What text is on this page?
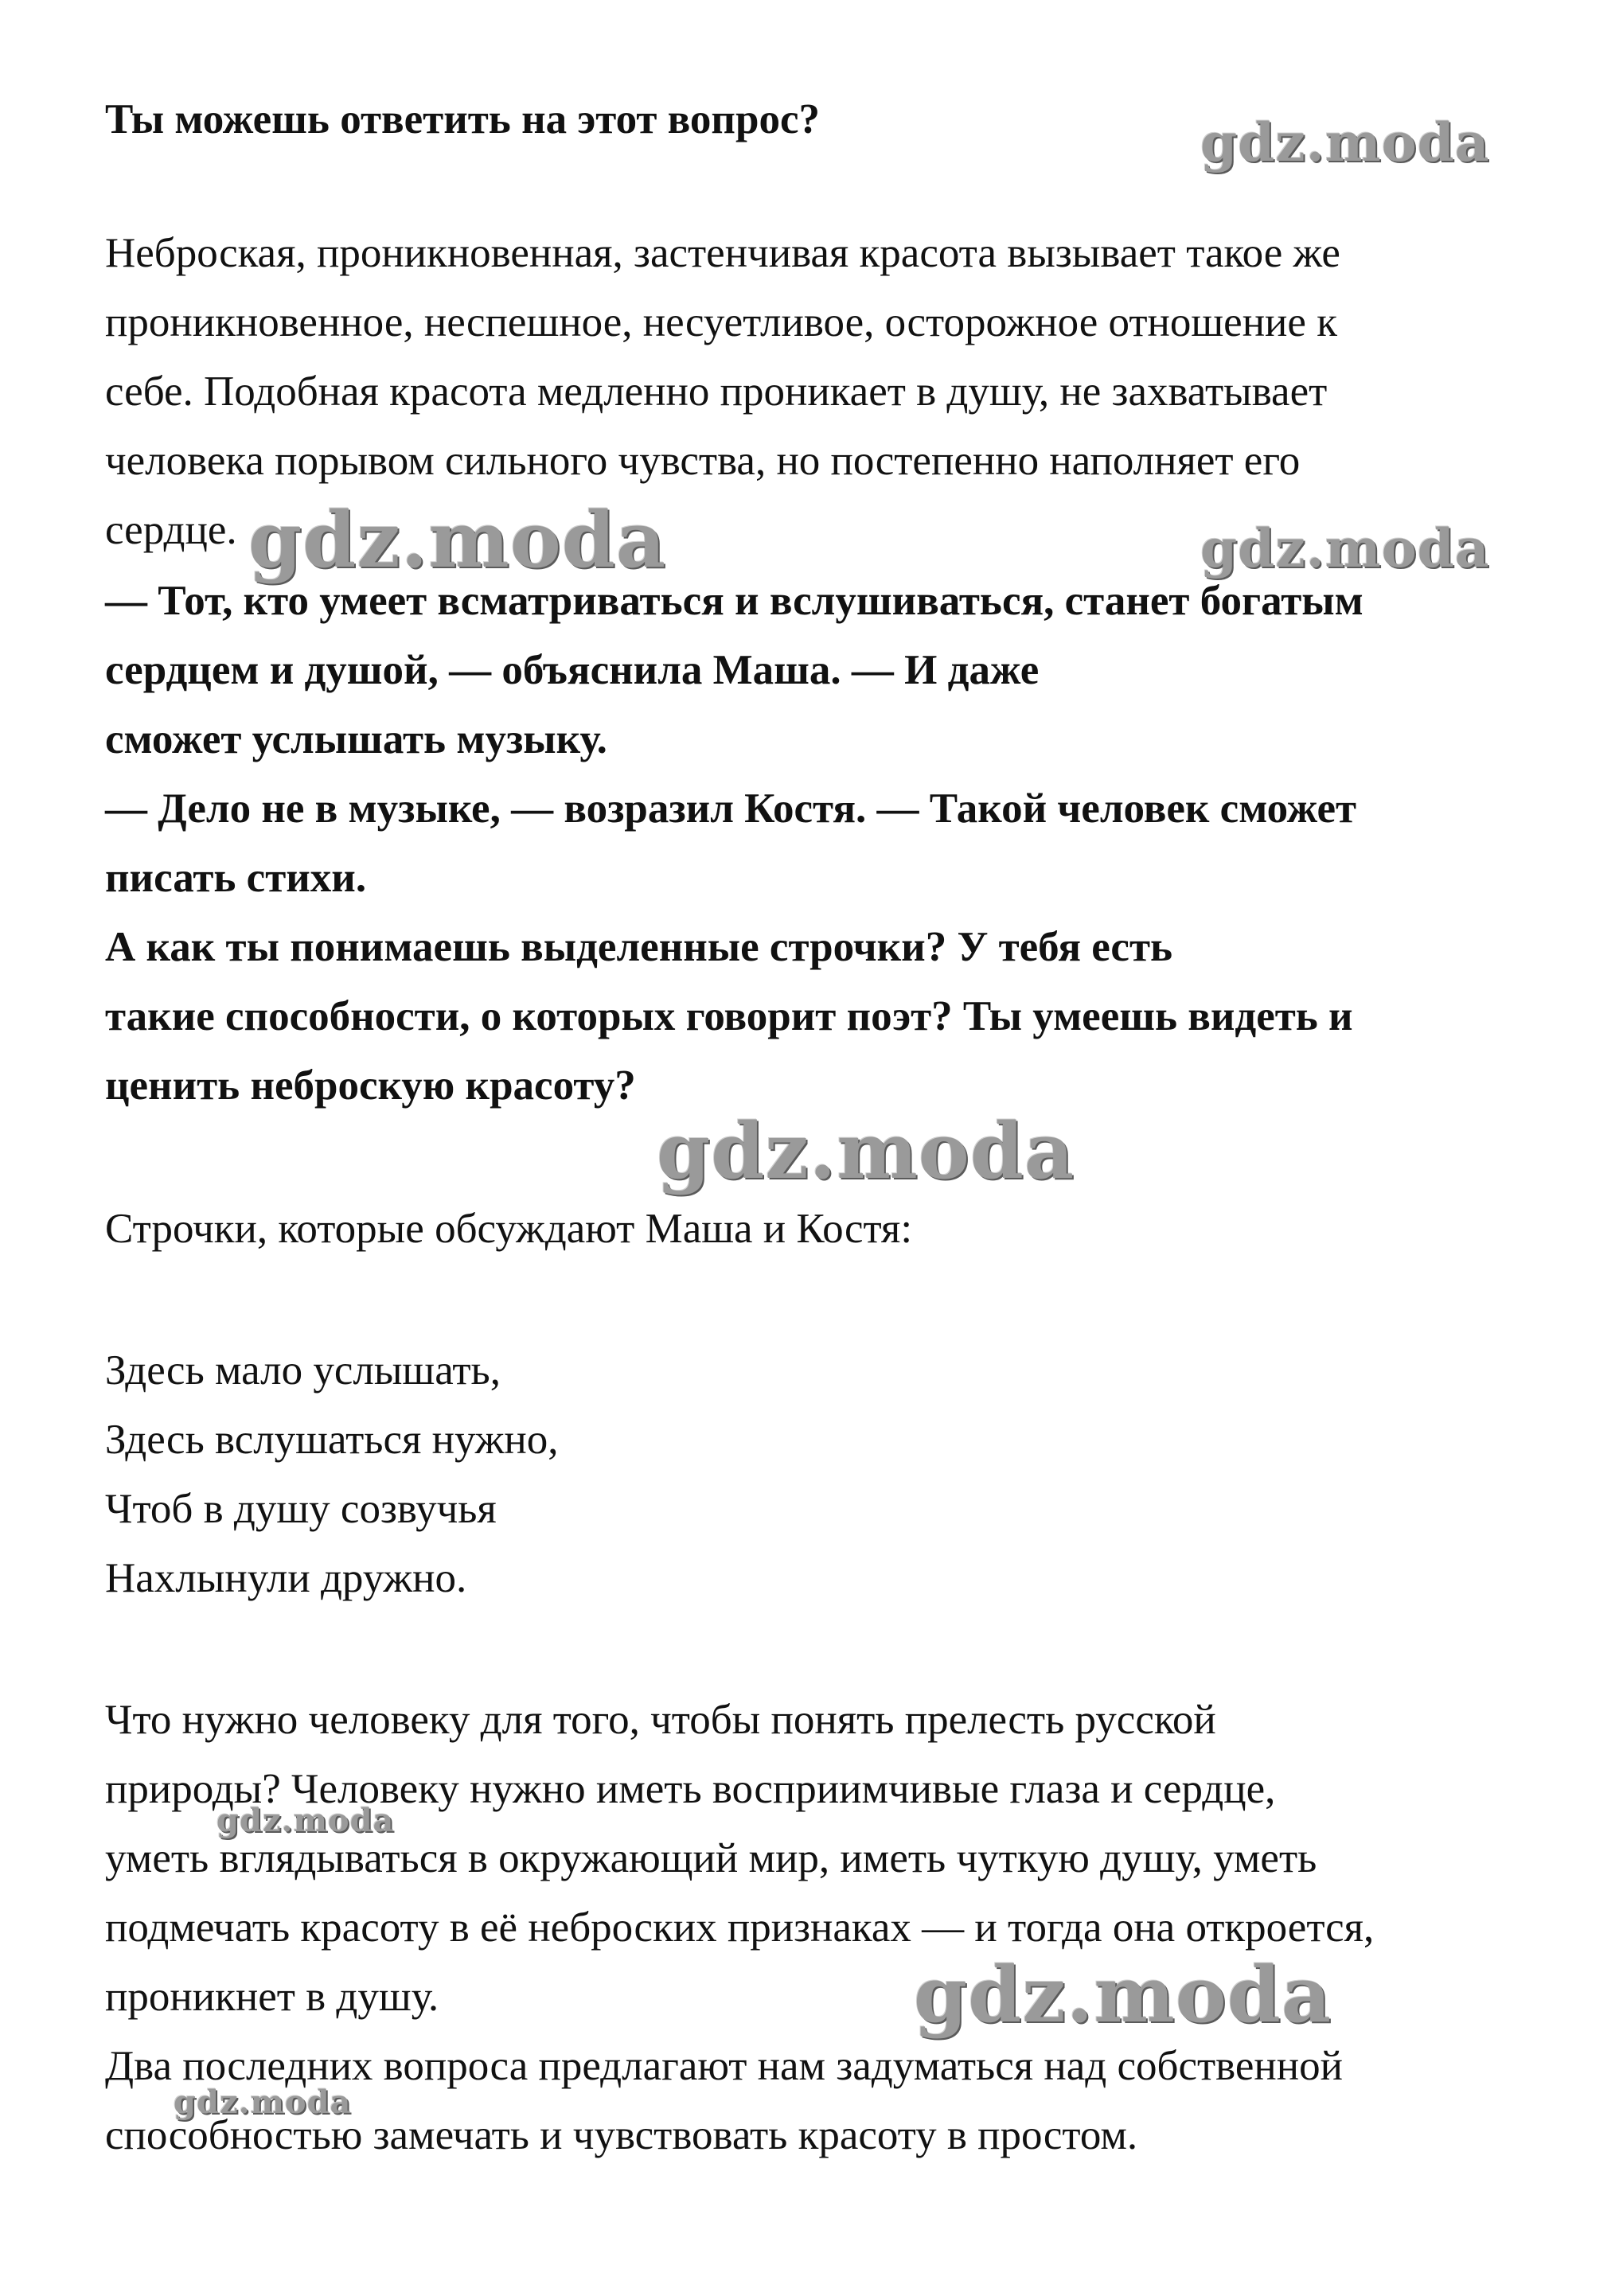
Ты можешь ответить на этот вопрос?

Неброская, проникновенная, застенчивая красота вызывает такое же

проникновенное, неспешное, несуетливое, осторожное отношение к

себе. Подобная красота медленно проникает в душу, не захватывает

человека порывом сильного чувства, но постепенно наполняет его

сердце.

— Тот, кто умеет всматриваться и вслушиваться, станет богатым

сердцем и душой, — объяснила Маша. — И даже

сможет услышать музыку.

— Дело не в музыке, — возразил Костя. — Такой человек сможет

писать стихи.

А как ты понимаешь выделенные строчки? У тебя есть

такие способности, о которых говорит поэт? Ты умеешь видеть и

ценить неброскую красоту?

Строчки, которые обсуждают Маша и Костя:

Здесь мало услышать,

Здесь вслушаться нужно,

Чтоб в душу созвучья

Нахлынули дружно.

Что нужно человеку для того, чтобы понять прелесть русской

природы? Человеку нужно иметь восприимчивые глаза и сердце,

уметь вглядываться в окружающий мир, иметь чуткую душу, уметь

подмечать красоту в её неброских признаках — и тогда она откроется,

проникнет в душу.

Два последних вопроса предлагают нам задуматься над собственной

способностью замечать и чувствовать красоту в простом.

gdz.moda
gdz.moda	gdz.moda
gdz.moda
gdz.moda
gdz.moda
gdz.moda
